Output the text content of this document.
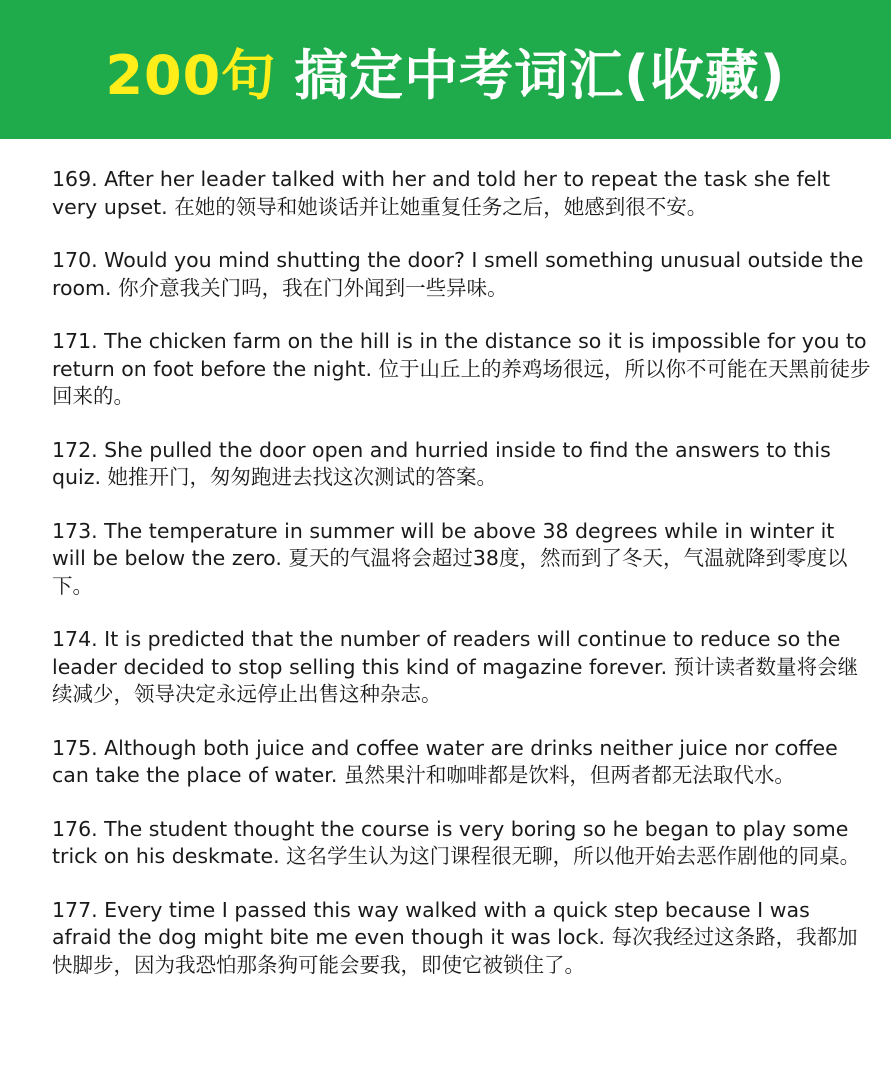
200句 搞定中考词汇(收藏)

169. After her leader talked with her and told her to repeat the task she felt very upset. 在她的领导和她谈话并让她重复任务之后，她感到很不安。

170. Would you mind shutting the door? I smell something unusual outside the room. 你介意我关门吗，我在门外闻到一些异味。

171. The chicken farm on the hill is in the distance so it is impossible for you to return on foot before the night. 位于山丘上的养鸡场很远，所以你不可能在天黑前徒步回来的。

172. She pulled the door open and hurried inside to find the answers to this quiz. 她推开门，匆匆跑进去找这次测试的答案。

173. The temperature in summer will be above 38 degrees while in winter it will be below the zero. 夏天的气温将会超过38度，然而到了冬天，气温就降到零度以下。

174. It is predicted that the number of readers will continue to reduce so the leader decided to stop selling this kind of magazine forever. 预计读者数量将会继续减少，领导决定永远停止出售这种杂志。

175. Although both juice and coffee water are drinks neither juice nor coffee can take the place of water. 虽然果汁和咖啡都是饮料，但两者都无法取代水。

176. The student thought the course is very boring so he began to play some trick on his deskmate. 这名学生认为这门课程很无聊，所以他开始去恶作剧他的同桌。

177. Every time I passed this way walked with a quick step because I was afraid the dog might bite me even though it was lock. 每次我经过这条路，我都加快脚步，因为我恐怕那条狗可能会要我，即使它被锁住了。
